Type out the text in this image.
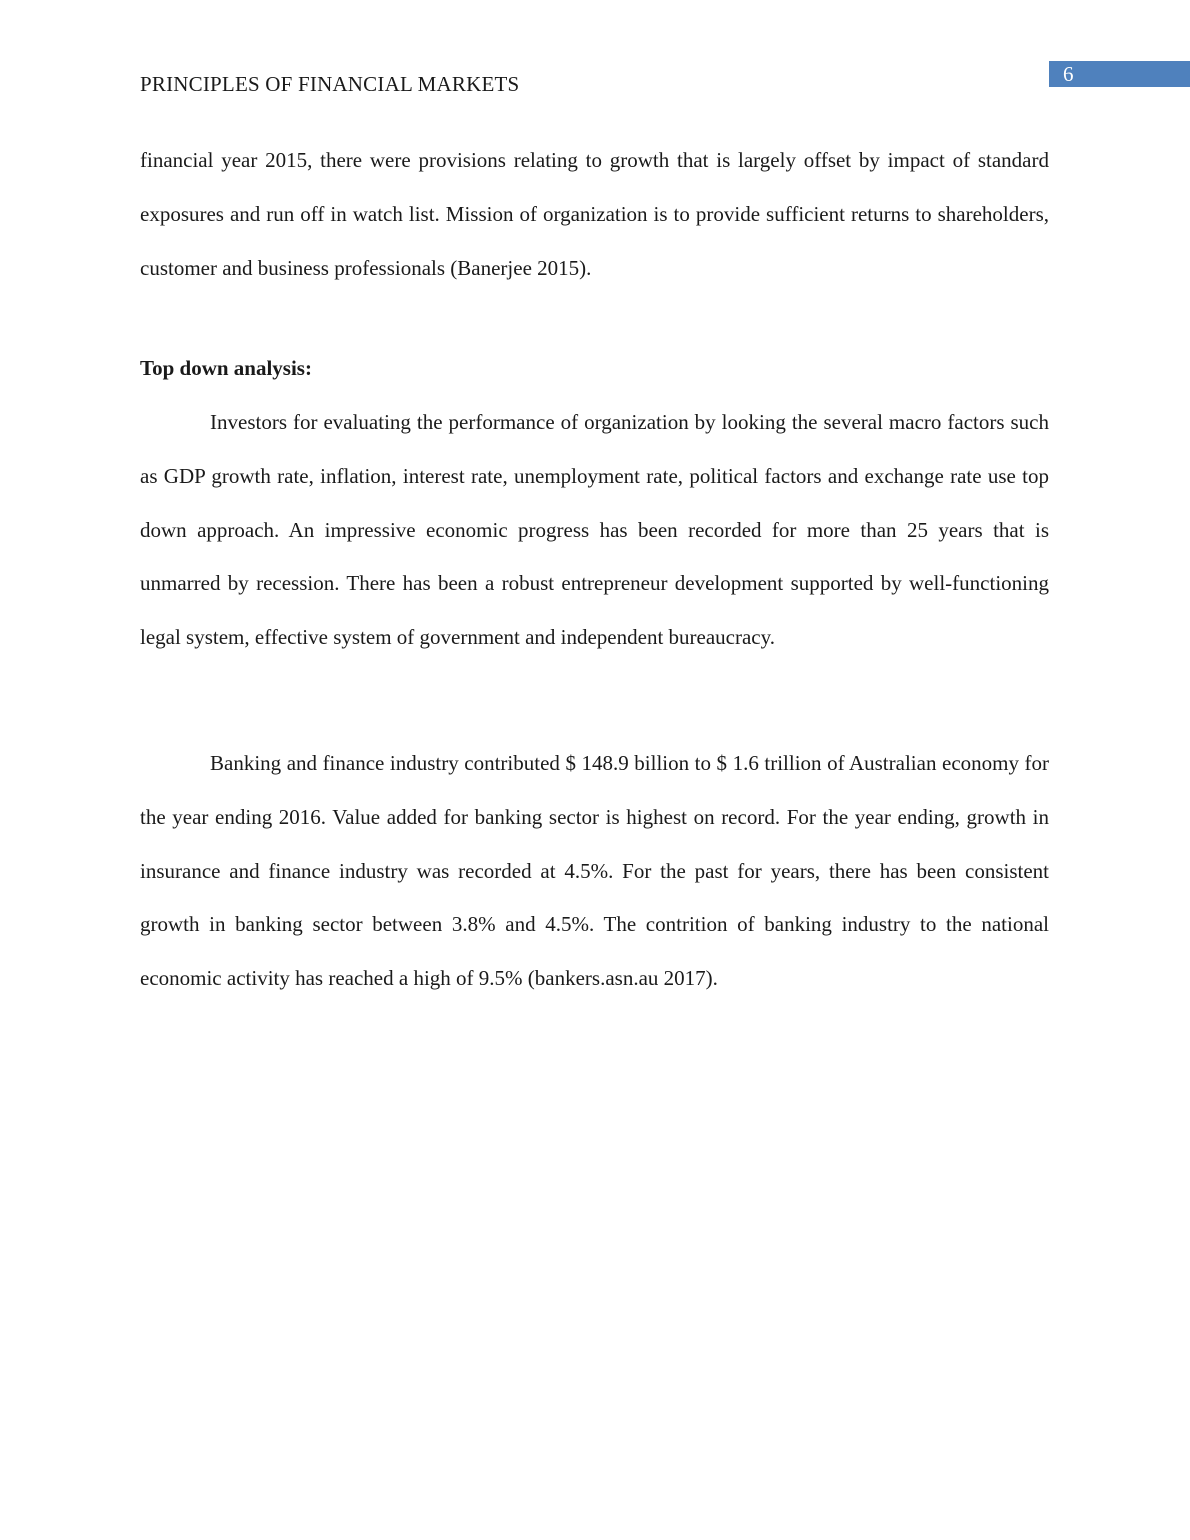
PRINCIPLES OF FINANCIAL MARKETS	6

financial year 2015, there were provisions relating to growth that is largely offset by impact of standard exposures and run off in watch list. Mission of organization is to provide sufficient returns to shareholders, customer and business professionals (Banerjee 2015).

Top down analysis:

Investors for evaluating the performance of organization by looking the several macro factors such as GDP growth rate, inflation, interest rate, unemployment rate, political factors and exchange rate use top down approach. An impressive economic progress has been recorded for more than 25 years that is unmarred by recession. There has been a robust entrepreneur development supported by well-functioning legal system, effective system of government and independent bureaucracy.

Banking and finance industry contributed $ 148.9 billion to $ 1.6 trillion of Australian economy for the year ending 2016. Value added for banking sector is highest on record. For the year ending, growth in insurance and finance industry was recorded at 4.5%. For the past for years, there has been consistent growth in banking sector between 3.8% and 4.5%. The contrition of banking industry to the national economic activity has reached a high of 9.5% (bankers.asn.au 2017).
